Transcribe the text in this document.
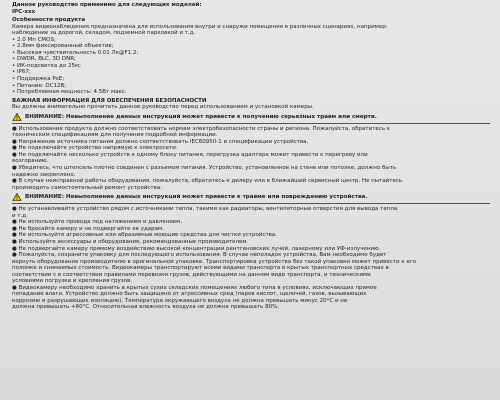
Данное руководство применимо для следующих моделей:
IPC-xxx
Особенности продукта
Камера видеонаблюдения предназначена для использования внутри и снаружи помещения в различных сценариях, например:
наблюдение за дорогой, складом, подземной парковкой и т.д.
• 2.0 Мп CMOS;
• 2.8мм фиксированный объектив;
• Высокая чувствительность 0.01 Лк@F1.2;
• DWDR, BLC, 3D DNR;
• ИК-подсветка до 25м;
• IP67;
• Поддержка PoE;
• Питание: DC12В;
• Потребляемая мощность: 4.5Вт макс.
ВАЖНАЯ ИНФОРМАЦИЯ ДЛЯ ОБЕСПЕЧЕНИЯ БЕЗОПАСНОСТИ
Вы должны внимательно прочитать данное руководство перед использованием и установкой камеры.
ВНИМАНИЕ: Невыполнение данных инструкций может привести к получению серьезных травм или смерти.
● Использование продукта должно соответствовать нормам электробезопасности страны и региона. Пожалуйста, обратитесь к
техническим спецификациям для получения подробной информации.
● Напряжение источника питания должно соответствовать IEC60950-1 и спецификации устройства.
● Не подключайте устройство напрямую к электросети.
● Не подключайте несколько устройств к одному блоку питания, перегрузка адаптера может привести к перегреву или
возгоранию.
● Убедитесь, что штепсель плотно соединен с разъемом питания. Устройство, установленное на стене или потолке, должно быть
надежно закреплено.
● В случае неисправной работы оборудования, пожалуйста, обратитесь к дилеру или в ближайший сервисный центр. Не пытайтесь
производить самостоятельный ремонт устройства.
ВНИМАНИЕ: Невыполнение данных инструкций может привести к травме или повреждению устройства.
● Не устанавливайте устройство рядом с источниками тепла, такими как радиаторы, вентиляторные отверстия для вывода тепла
и т.д.
● Не используйте провода под натяжением и давлением.
● Не бросайте камеру и не подвергайте ее ударам.
● Не используйте агрессивные или абразивные моющие средства для чистки устройства.
● Используйте аксессуары и оборудование, рекомендованные производителем.
● Не подвергайте камеру прямому воздействию высокой концентрации рентгеновских лучей, лазерному или УФ-излучению.
● Пожалуйста, сохраните упаковку для последующего использования. В случае неполадок устройства, Вам необходимо будет
вернуть оборудование производителю в оригинальной упаковке. Транспортировка устройства без такой упаковки может привести к его
поломке и снимаемых стоимость. Видеокамеры транспортируют всеми видами транспорта в крытых транспортных средствах в
соответствии с в соответствии правилами перевозки грузов, действующими на данном виде транспорта, и техническими
условиями погрузки и крепления грузов.
● Видеокамеру необходимо хранить в крытых сухих складских помещениях любого типа в условиях, исключающих прямое
попадание влаги. Устройство должно быть защищено от агрессивных сред (паров кислот, щелочей, газов, вызывающих
коррозию и разрушающих изоляцию). Температура окружающего воздуха не должна превышать минус 20°С и не
должна превышать +60°С. Относительная влажность воздуха не должна превышать 80%.
